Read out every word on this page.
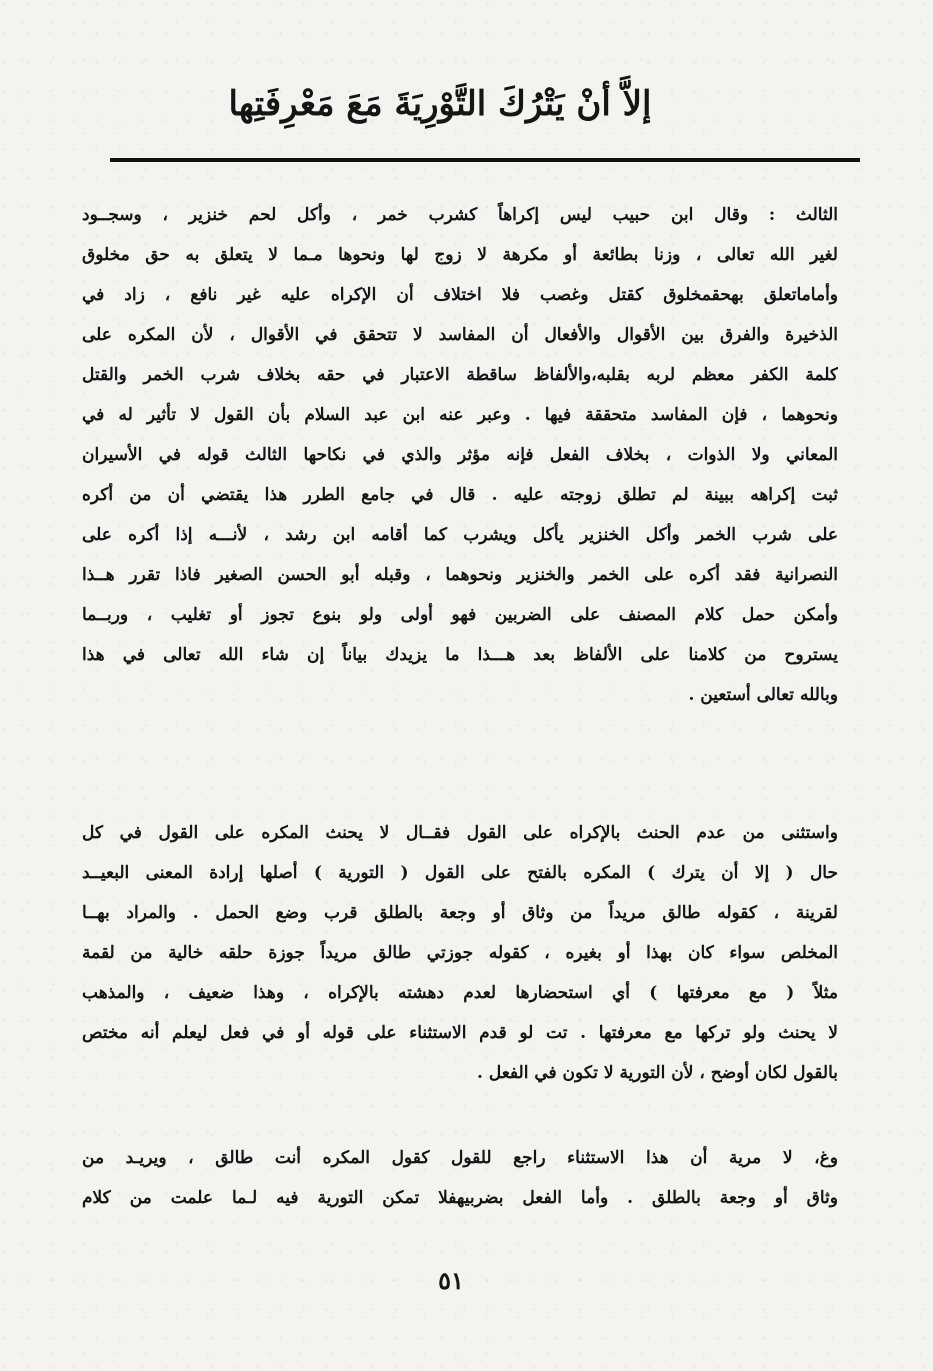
إلاَّ أنْ يَتْرُكَ التَّوْرِيَةَ مَعَ مَعْرِفَتِها
الثالث : وقال ابن حبيب ليس إكراهاً كشرب خمر ، وأكل لحم خنزير ، وسجــود
لغير الله تعالى ، وزنا بطائعة أو مكرهة لا زوج لها ونحوها مـما لا يتعلق به حق مخلوق
وأماماتعلق بهحقمخلوق كقتل وغصب فلا اختلاف أن الإكراه عليه غير نافع ، زاد في
الذخيرة والفرق بين الأقوال والأفعال أن المفاسد لا تتحقق في الأقوال ، لأن المكره على
كلمة الكفر معظم لربه بقلبه،والألفاظ ساقطة الاعتبار في حقه بخلاف شرب الخمر والقتل
ونحوهما ، فإن المفاسد متحققة فيها . وعبر عنه ابن عبد السلام بأن القول لا تأثير له في
المعاني ولا الذوات ، بخلاف الفعل فإنه مؤثر والذي في نكاحها الثالث قوله في الأسيران
ثبت إكراهه ببينة لم تطلق زوجته عليه . قال في جامع الطرر هذا يقتضي أن من أكره
على شرب الخمر وأكل الخنزير يأكل ويشرب كما أقامه ابن رشد ، لأنـــه إذا أكره على
النصرانية فقد أكره على الخمر والخنزير ونحوهما ، وقبله أبو الحسن الصغير فاذا تقرر هــذا
وأمكن حمل كلام المصنف على الضربين فهو أولى ولو بنوع تجوز أو تغليب ، وربــما
يستروح من كلامنا على الألفاظ بعد هـــذا ما يزيدك بياناً إن شاء الله تعالى في هذا
وبالله تعالى أستعين .
واستثنى من عدم الحنث بالإكراه على القول فقــال لا يحنث المكره على القول في كل
حال ( إلا أن يترك ) المكره بالفتح على القول ( التورية ) أصلها إرادة المعنى البعيــد
لقرينة ، كقوله طالق مريداً من وثاق أو وجعة بالطلق قرب وضع الحمل . والمراد بهــا
المخلص سواء كان بهذا أو بغيره ، كقوله جوزتي طالق مريداً جوزة حلقه خالية من لقمة
مثلاً ( مع معرفتها ) أي استحضارها لعدم دهشته بالإكراه ، وهذا ضعيف ، والمذهب
لا يحنث ولو تركها مع معرفتها . تت لو قدم الاستثناء على قوله أو في فعل ليعلم أنه مختص
بالقول لكان أوضح ، لأن التورية لا تكون في الفعل .
وغ، لا مرية أن هذا الاستثناء راجع للقول كقول المكره أنت طالق ، ويريـد من
وثاق أو وجعة بالطلق . وأما الفعل بضربيهفلا تمكن التورية فيه لـما علمت من كلام
٥١
